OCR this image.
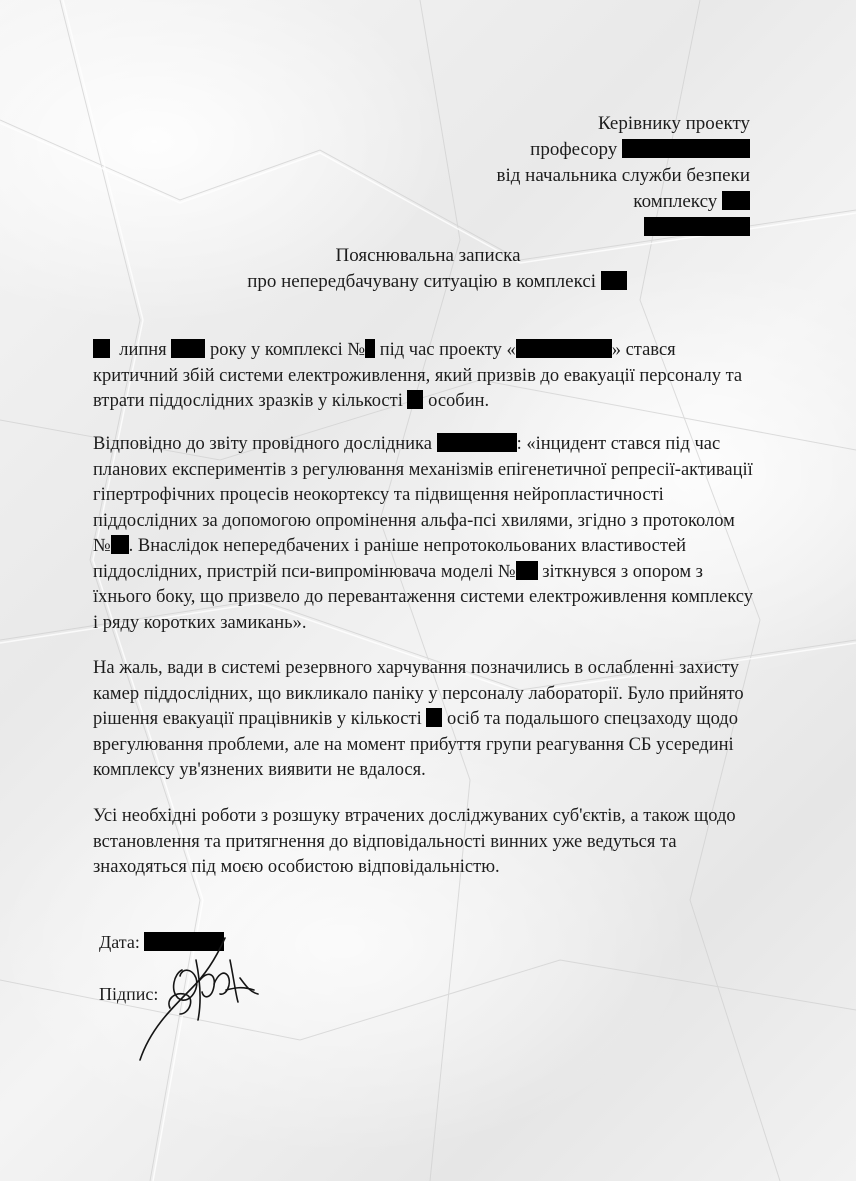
Керівнику проекту
професору
від начальника служби безпеки
комплексу
Пояснювальна записка
про непередбачувану ситуацію в комплексі
липня року у комплексі № під час проекту «	» стався
критичний збій системи електроживлення, який призвів до евакуації персоналу та
втрати піддослідних зразків у кількості особин.
Відповідно до звіту провідного дослідника	: «інцидент стався під час
планових експериментів з регулювання механізмів епігенетичної репресії-активації
гіпертрофічних процесів неокортексу та підвищення нейропластичності
піддослідних за допомогою опромінення альфа-псі хвилями, згідно з протоколом
№ . Внаслідок непередбачених і раніше непротокольованих властивостей
піддослідних, пристрій пси-випромінювача моделі № зіткнувся з опором з
їхнього боку, що призвело до перевантаження системи електроживлення комплексу
і ряду коротких замикань».
На жаль, вади в системі резервного харчування позначились в ослабленні захисту
камер піддослідних, що викликало паніку у персоналу лабораторії. Було прийнято
рішення евакуації працівників у кількості осіб та подальшого спецзаходу щодо
врегулювання проблеми, але на момент прибуття групи реагування СБ усередині
комплексу ув'язнених виявити не вдалося.
Усі необхідні роботи з розшуку втрачених досліджуваних суб'єктів, а також щодо
встановлення та притягнення до відповідальності винних уже ведуться та
знаходяться під моєю особистою відповідальністю.
Дата:
Підпис:
